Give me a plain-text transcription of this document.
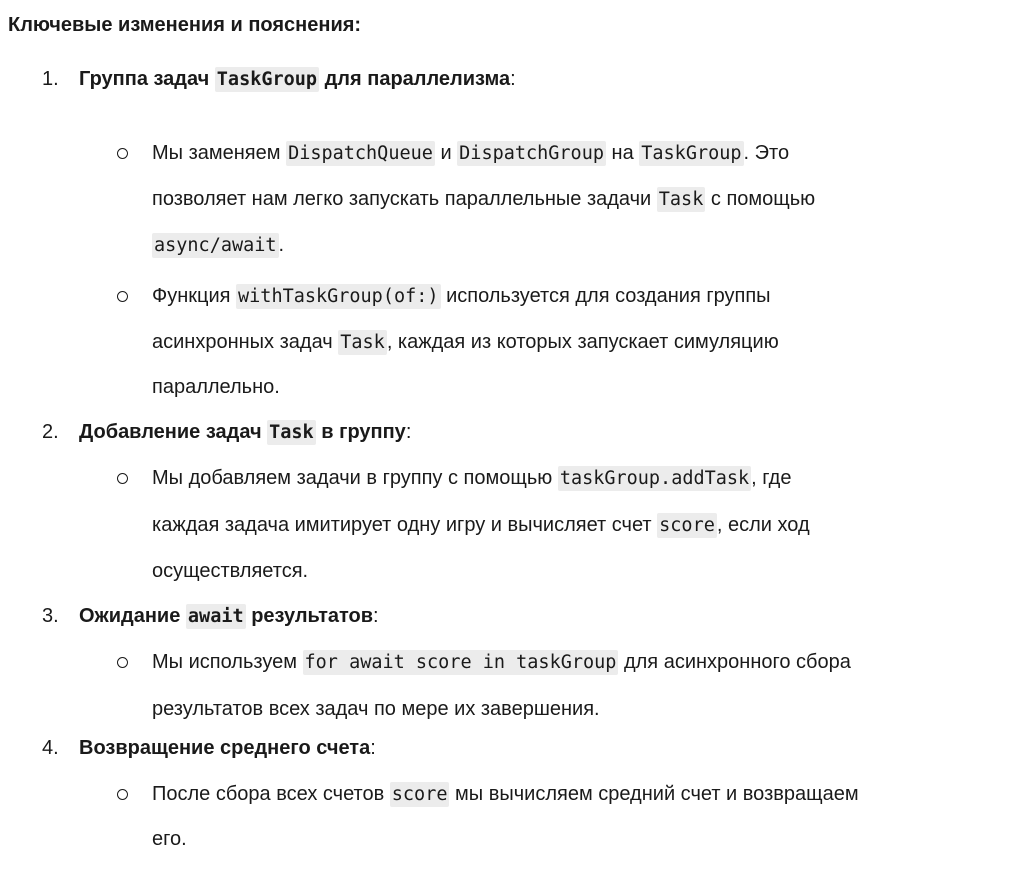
Ключевые изменения и пояснения:
1. Группа задач TaskGroup для параллелизма:
Мы заменяем DispatchQueue и DispatchGroup на TaskGroup . Это
позволяет нам легко запускать параллельные задачи Task с помощью
async/await .
Функция withTaskGroup(of:) используется для создания группы
асинхронных задач Task , каждая из которых запускает симуляцию
параллельно.
2. Добавление задач Task в группу:
Мы добавляем задачи в группу с помощью taskGroup.addTask , где
каждая задача имитирует одну игру и вычисляет счет score , если ход
осуществляется.
3. Ожидание await результатов:
Мы используем for await score in taskGroup для асинхронного сбора
результатов всех задач по мере их завершения.
4. Возвращение среднего счета:
После сбора всех счетов score мы вычисляем средний счет и возвращаем
его.
